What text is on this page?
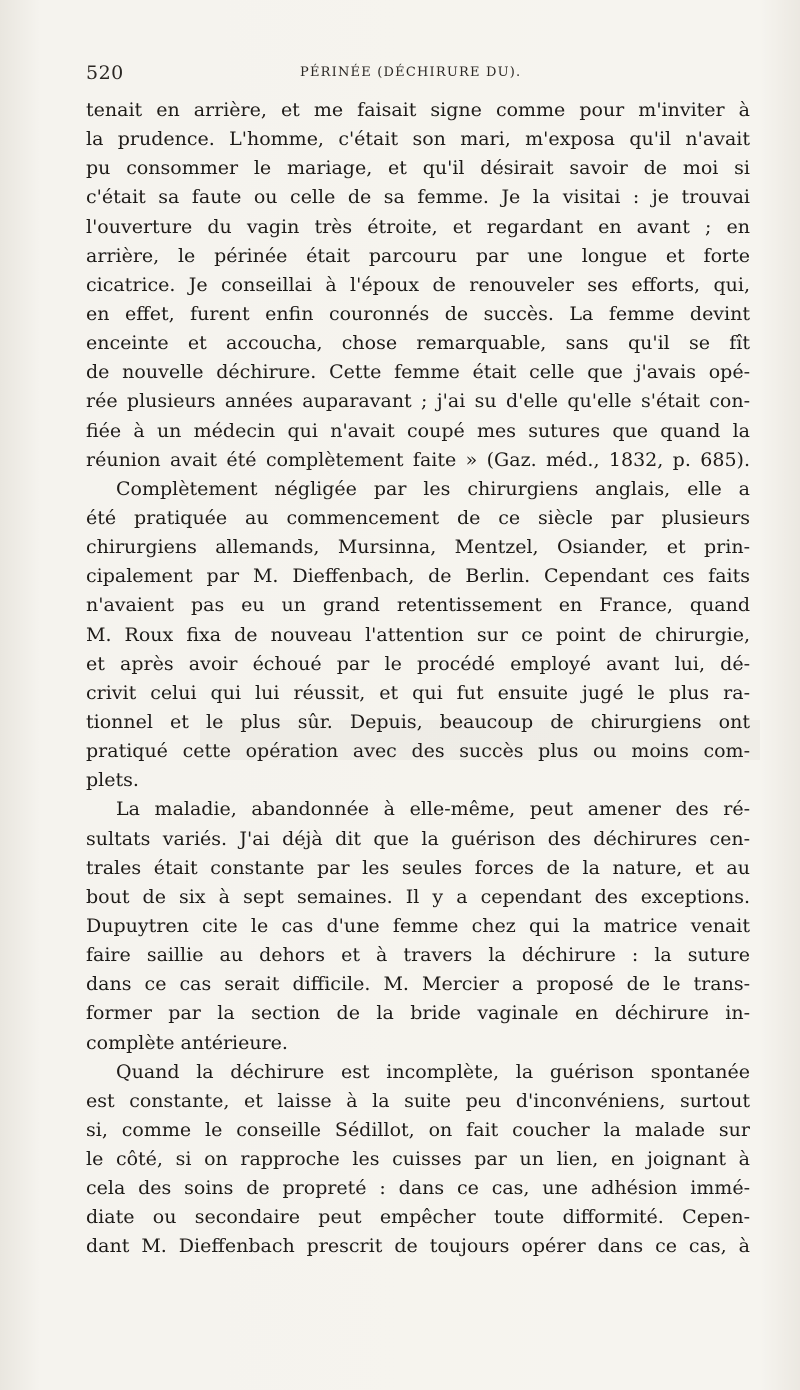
520	PÉRINÉE (DÉCHIRURE DU).
tenait en arrière, et me faisait signe comme pour m'inviter à
la prudence. L'homme, c'était son mari, m'exposa qu'il n'avait
pu consommer le mariage, et qu'il désirait savoir de moi si
c'était sa faute ou celle de sa femme. Je la visitai : je trouvai
l'ouverture du vagin très étroite, et regardant en avant ; en
arrière, le périnée était parcouru par une longue et forte
cicatrice. Je conseillai à l'époux de renouveler ses efforts, qui,
en effet, furent enfin couronnés de succès. La femme devint
enceinte et accoucha, chose remarquable, sans qu'il se fît
de nouvelle déchirure. Cette femme était celle que j'avais opé-
rée plusieurs années auparavant ; j'ai su d'elle qu'elle s'était con-
fiée à un médecin qui n'avait coupé mes sutures que quand la
réunion avait été complètement faite » (Gaz. méd., 1832, p. 685).
Complètement négligée par les chirurgiens anglais, elle a
été pratiquée au commencement de ce siècle par plusieurs
chirurgiens allemands, Mursinna, Mentzel, Osiander, et prin-
cipalement par M. Dieffenbach, de Berlin. Cependant ces faits
n'avaient pas eu un grand retentissement en France, quand
M. Roux fixa de nouveau l'attention sur ce point de chirurgie,
et après avoir échoué par le procédé employé avant lui, dé-
crivit celui qui lui réussit, et qui fut ensuite jugé le plus ra-
tionnel et le plus sûr. Depuis, beaucoup de chirurgiens ont
pratiqué cette opération avec des succès plus ou moins com-
plets.
La maladie, abandonnée à elle-même, peut amener des ré-
sultats variés. J'ai déjà dit que la guérison des déchirures cen-
trales était constante par les seules forces de la nature, et au
bout de six à sept semaines. Il y a cependant des exceptions.
Dupuytren cite le cas d'une femme chez qui la matrice venait
faire saillie au dehors et à travers la déchirure : la suture
dans ce cas serait difficile. M. Mercier a proposé de le trans-
former par la section de la bride vaginale en déchirure in-
complète antérieure.
Quand la déchirure est incomplète, la guérison spontanée
est constante, et laisse à la suite peu d'inconvéniens, surtout
si, comme le conseille Sédillot, on fait coucher la malade sur
le côté, si on rapproche les cuisses par un lien, en joignant à
cela des soins de propreté : dans ce cas, une adhésion immé-
diate ou secondaire peut empêcher toute difformité. Cepen-
dant M. Dieffenbach prescrit de toujours opérer dans ce cas, à
